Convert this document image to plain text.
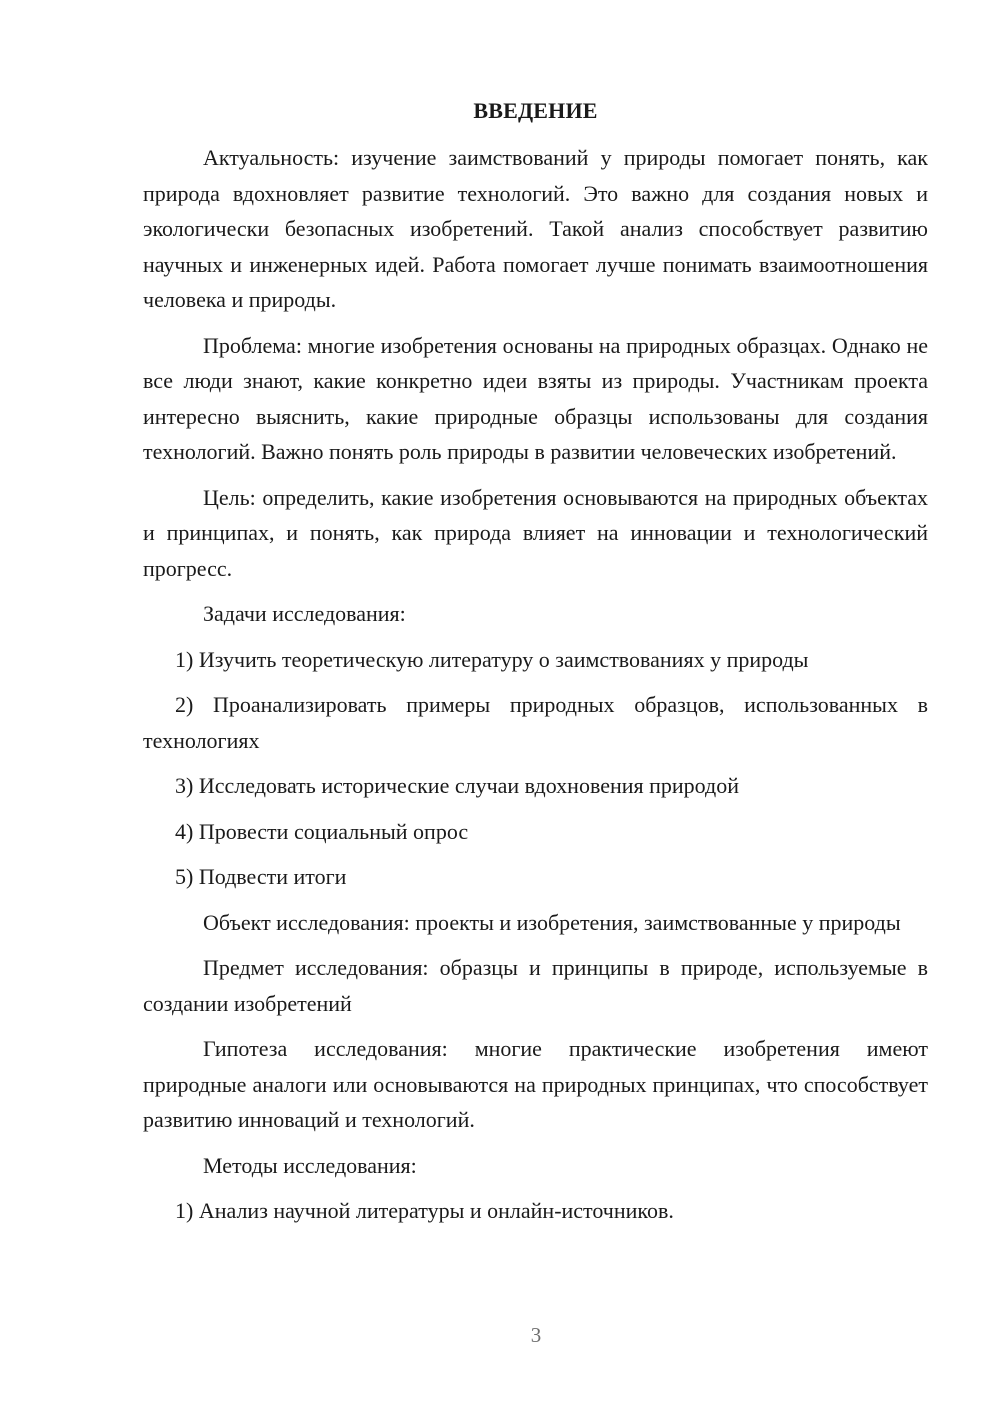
ВВЕДЕНИЕ

Актуальность: изучение заимствований у природы помогает понять, как природа вдохновляет развитие технологий. Это важно для создания новых и экологически безопасных изобретений. Такой анализ способствует развитию научных и инженерных идей. Работа помогает лучше понимать взаимоотношения человека и природы.

Проблема: многие изобретения основаны на природных образцах. Однако не все люди знают, какие конкретно идеи взяты из природы. Участникам проекта интересно выяснить, какие природные образцы использованы для создания технологий. Важно понять роль природы в развитии человеческих изобретений.

Цель: определить, какие изобретения основываются на природных объектах и принципах, и понять, как природа влияет на инновации и технологический прогресс.

Задачи исследования:

1) Изучить теоретическую литературу о заимствованиях у природы

2) Проанализировать примеры природных образцов, использованных в технологиях

3) Исследовать исторические случаи вдохновения природой

4) Провести социальный опрос

5) Подвести итоги

Объект исследования: проекты и изобретения, заимствованные у природы

Предмет исследования: образцы и принципы в природе, используемые в создании изобретений

Гипотеза исследования: многие практические изобретения имеют природные аналоги или основываются на природных принципах, что способствует развитию инноваций и технологий.

Методы исследования:

1) Анализ научной литературы и онлайн-источников.

3
